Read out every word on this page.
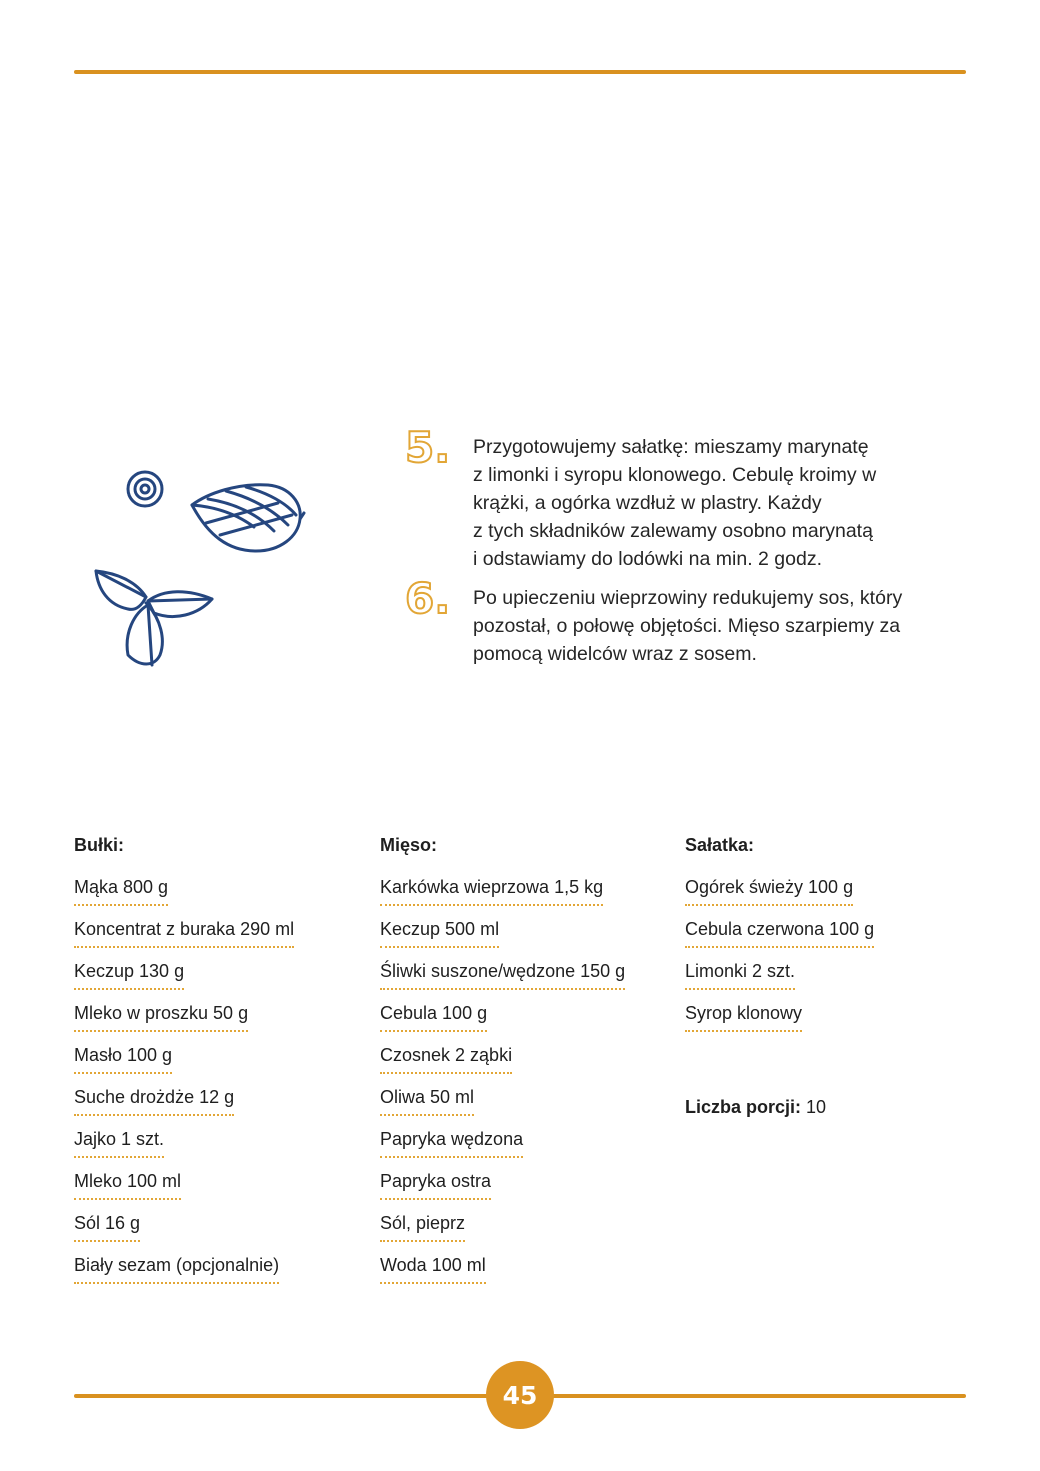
5. Przygotowujemy sałatkę: mieszamy marynatę
z limonki i syropu klonowego. Cebulę kroimy w
krążki, a ogórka wzdłuż w plastry. Każdy
z tych składników zalewamy osobno marynatą
i odstawiamy do lodówki na min. 2 godz.

6. Po upieczeniu wieprzowiny redukujemy sos, który
pozostał, o połowę objętości. Mięso szarpiemy za
pomocą widelców wraz z sosem.

Bułki:
Mąka 800 g
Koncentrat z buraka 290 ml
Keczup 130 g
Mleko w proszku 50 g
Masło 100 g
Suche drożdże 12 g
Jajko 1 szt.
Mleko 100 ml
Sól 16 g
Biały sezam (opcjonalnie)
Mięso:
Karkówka wieprzowa 1,5 kg
Keczup 500 ml
Śliwki suszone/wędzone 150 g
Cebula 100 g
Czosnek 2 ząbki
Oliwa 50 ml
Papryka wędzona
Papryka ostra
Sól, pieprz
Woda 100 ml
Sałatka:
Ogórek świeży 100 g
Cebula czerwona 100 g
Limonki 2 szt.
Syrop klonowy
Liczba porcji: 10
45
